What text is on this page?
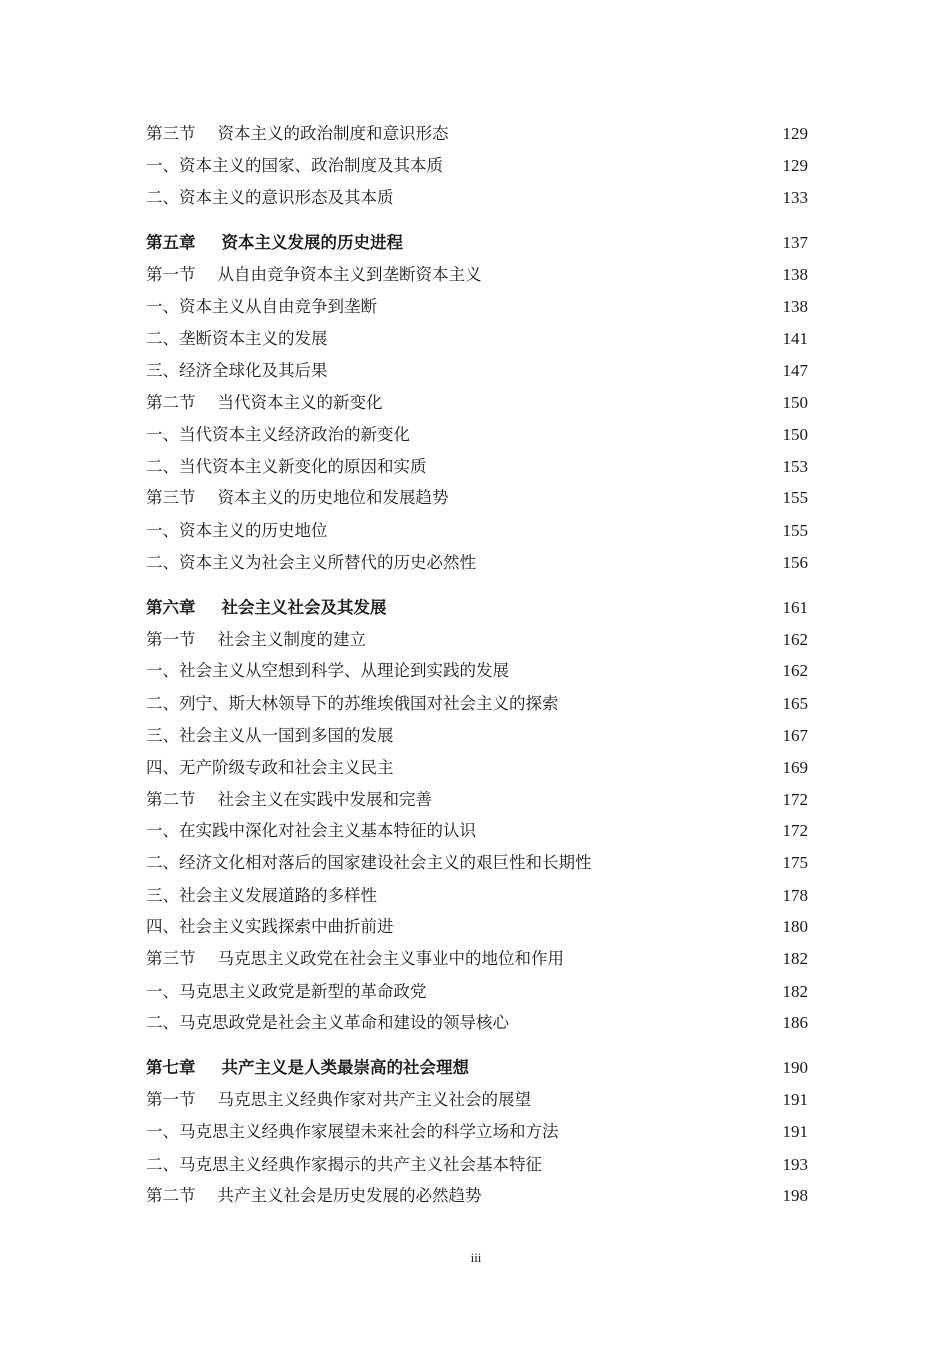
第三节 资本主义的政治制度和意识形态	129
一、资本主义的国家、政治制度及其本质	129
二、资本主义的意识形态及其本质	133
第五章 资本主义发展的历史进程	137
第一节 从自由竞争资本主义到垄断资本主义	138
一、资本主义从自由竞争到垄断	138
二、垄断资本主义的发展	141
三、经济全球化及其后果	147
第二节 当代资本主义的新变化	150
一、当代资本主义经济政治的新变化	150
二、当代资本主义新变化的原因和实质	153
第三节 资本主义的历史地位和发展趋势	155
一、资本主义的历史地位	155
二、资本主义为社会主义所替代的历史必然性	156
第六章 社会主义社会及其发展	161
第一节 社会主义制度的建立	162
一、社会主义从空想到科学、从理论到实践的发展	162
二、列宁、斯大林领导下的苏维埃俄国对社会主义的探索	165
三、社会主义从一国到多国的发展	167
四、无产阶级专政和社会主义民主	169
第二节 社会主义在实践中发展和完善	172
一、在实践中深化对社会主义基本特征的认识	172
二、经济文化相对落后的国家建设社会主义的艰巨性和长期性	175
三、社会主义发展道路的多样性	178
四、社会主义实践探索中曲折前进	180
第三节 马克思主义政党在社会主义事业中的地位和作用	182
一、马克思主义政党是新型的革命政党	182
二、马克思政党是社会主义革命和建设的领导核心	186
第七章 共产主义是人类最崇高的社会理想	190
第一节 马克思主义经典作家对共产主义社会的展望	191
一、马克思主义经典作家展望未来社会的科学立场和方法	191
二、马克思主义经典作家揭示的共产主义社会基本特征	193
第二节 共产主义社会是历史发展的必然趋势	198
iii
